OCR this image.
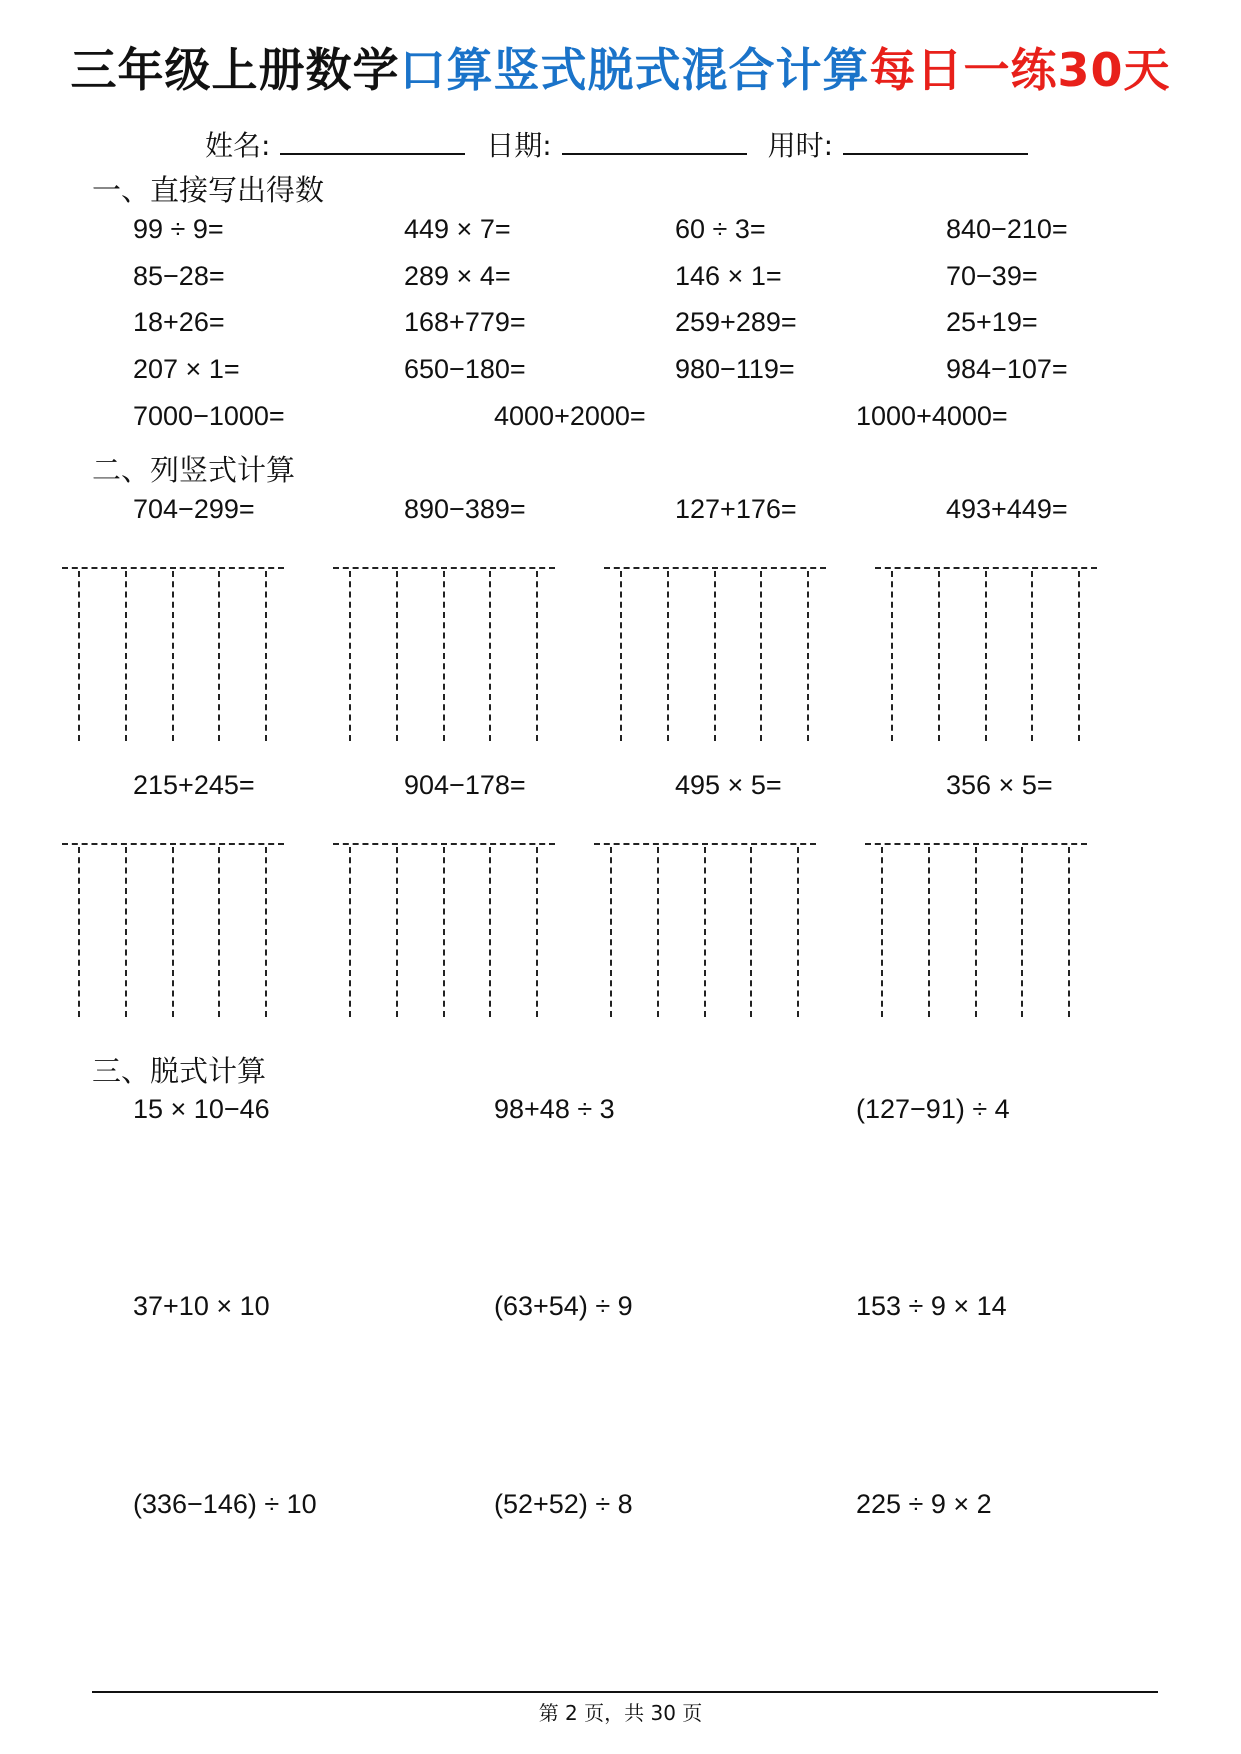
三年级上册数学口算竖式脱式混合计算每日一练30天
姓名:	日期:	用时:
一、直接写出得数
99 ÷ 9=	449 × 7=	60 ÷ 3=	840−210=
85−28=	289 × 4=	146 × 1=	70−39=
18+26=	168+779=	259+289=	25+19=
207 × 1=	650−180=	980−119=	984−107=
7000−1000=	4000+2000=	1000+4000=
二、列竖式计算
704−299=	890−389=	127+176=	493+449=
215+245=	904−178=	495 × 5=	356 × 5=
三、脱式计算
15 × 10−46	98+48 ÷ 3	(127−91) ÷ 4
37+10 × 10	(63+54) ÷ 9	153 ÷ 9 × 14
(336−146) ÷ 10	(52+52) ÷ 8	225 ÷ 9 × 2
第 2 页，共 30 页
